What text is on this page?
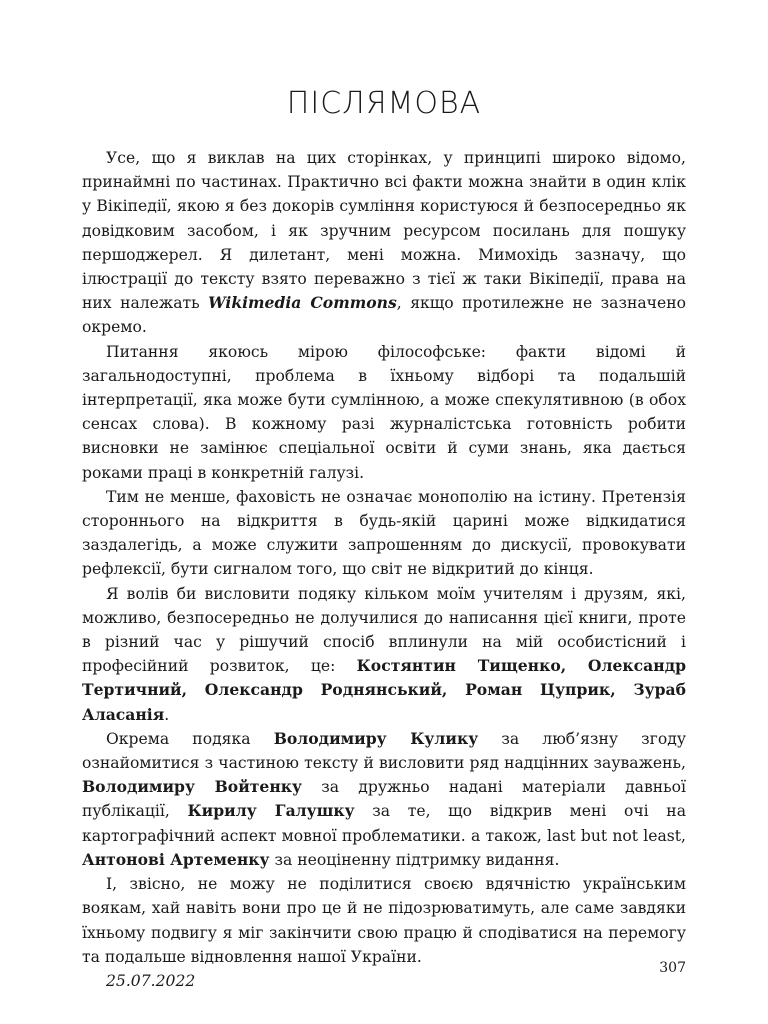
ПІСЛЯМОВА

Усе, що я виклав на цих сторінках, у принципі широко відомо, принаймні по частинах. Практично всі факти можна знайти в один клік у Вікіпедії, якою я без докорів сумління користуюся й безпосередньо як довідковим засобом, і як зручним ресурсом посилань для пошуку першоджерел. Я дилетант, мені можна. Мимохідь зазначу, що ілюстрації до тексту взято переважно з тієї ж таки Вікіпедії, права на них належать Wikimedia Commons, якщо протилежне не зазначено окремо.

Питання якоюсь мірою філософське: факти відомі й загальнодоступні, проблема в їхньому відборі та подальшій інтерпретації, яка може бути сумлінною, а може спекулятивною (в обох сенсах слова). В кожному разі журналістська готовність робити висновки не замінює спеціальної освіти й суми знань, яка дається роками праці в конкретній галузі.

Тим не менше, фаховість не означає монополію на істину. Претензія стороннього на відкриття в будь-якій царині може відкидатися заздалегідь, а може служити запрошенням до дискусії, провокувати рефлексії, бути сигналом того, що світ не відкритий до кінця.

Я волів би висловити подяку кільком моїм учителям і друзям, які, можливо, безпосередньо не долучилися до написання цієї книги, проте в різний час у рішучий спосіб вплинули на мій особистісний і професійний розвиток, це: Костянтин Тищенко, Олександр Тертичний, Олександр Роднянський, Роман Цуприк, Зураб Аласанія.

Окрема подяка Володимиру Кулику за люб’язну згоду ознайомитися з частиною тексту й висловити ряд надцінних зауважень, Володимиру Войтенку за дружньо надані матеріали давньої публікації, Кирилу Галушку за те, що відкрив мені очі на картографічний аспект мовної проблематики. а також, last but not least, Антонові Артеменку за неоціненну підтримку видання.

І, звісно, не можу не поділитися своєю вдячністю українським воякам, хай навіть вони про це й не підозрюватимуть, але саме завдяки їхньому подвигу я міг закінчити свою працю й сподіватися на перемогу та подальше відновлення нашої України.

25.07.2022

307
